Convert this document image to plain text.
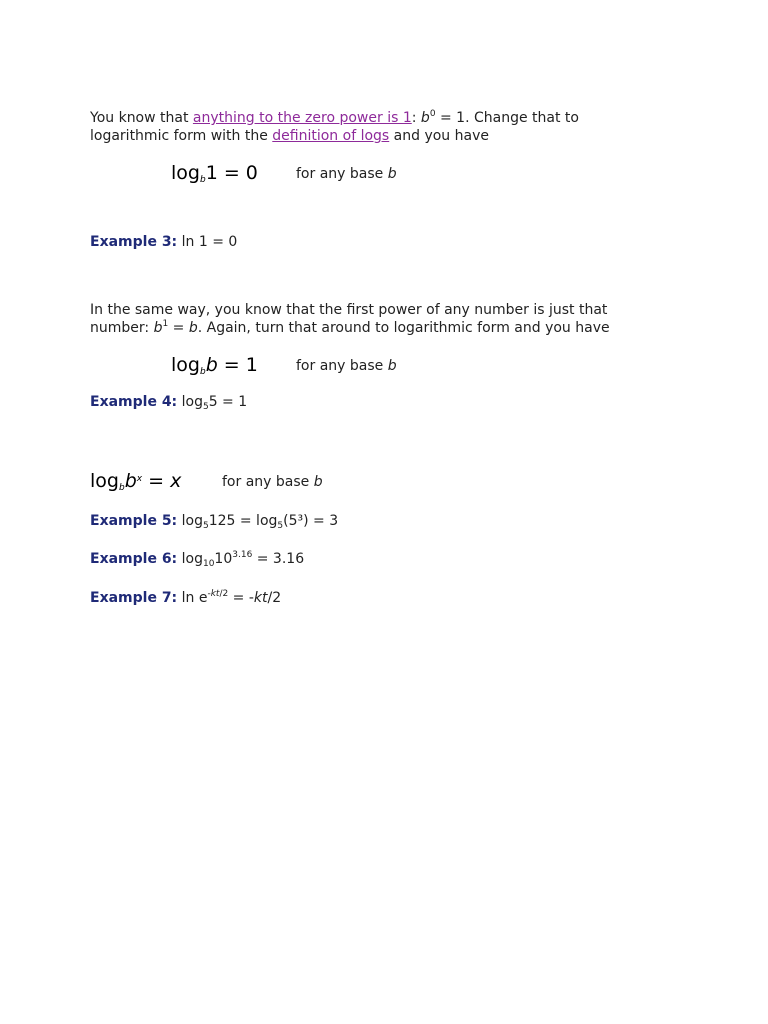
You know that anything to the zero power is 1: $b^0 = 1$. Change that to
logarithmic form with the definition of logs and you have
$\log_b1 = 0$	for any base b
Example 3: ln 1 = 0
In the same way, you know that the first power of any number is just that
number: $b^1 = b$. Again, turn that around to logarithmic form and you have
$\log_bb = 1$	for any base b
Example 4: $\log_55 = 1$
$\log_bb^x = x$	for any base b
Example 5: $\log_5125 = \log_5(5^3) = 3$
Example 6: $\log_{10}10^{3.16} = 3.16$
Example 7: $\ln e^{-kt/2} = -kt/2$
